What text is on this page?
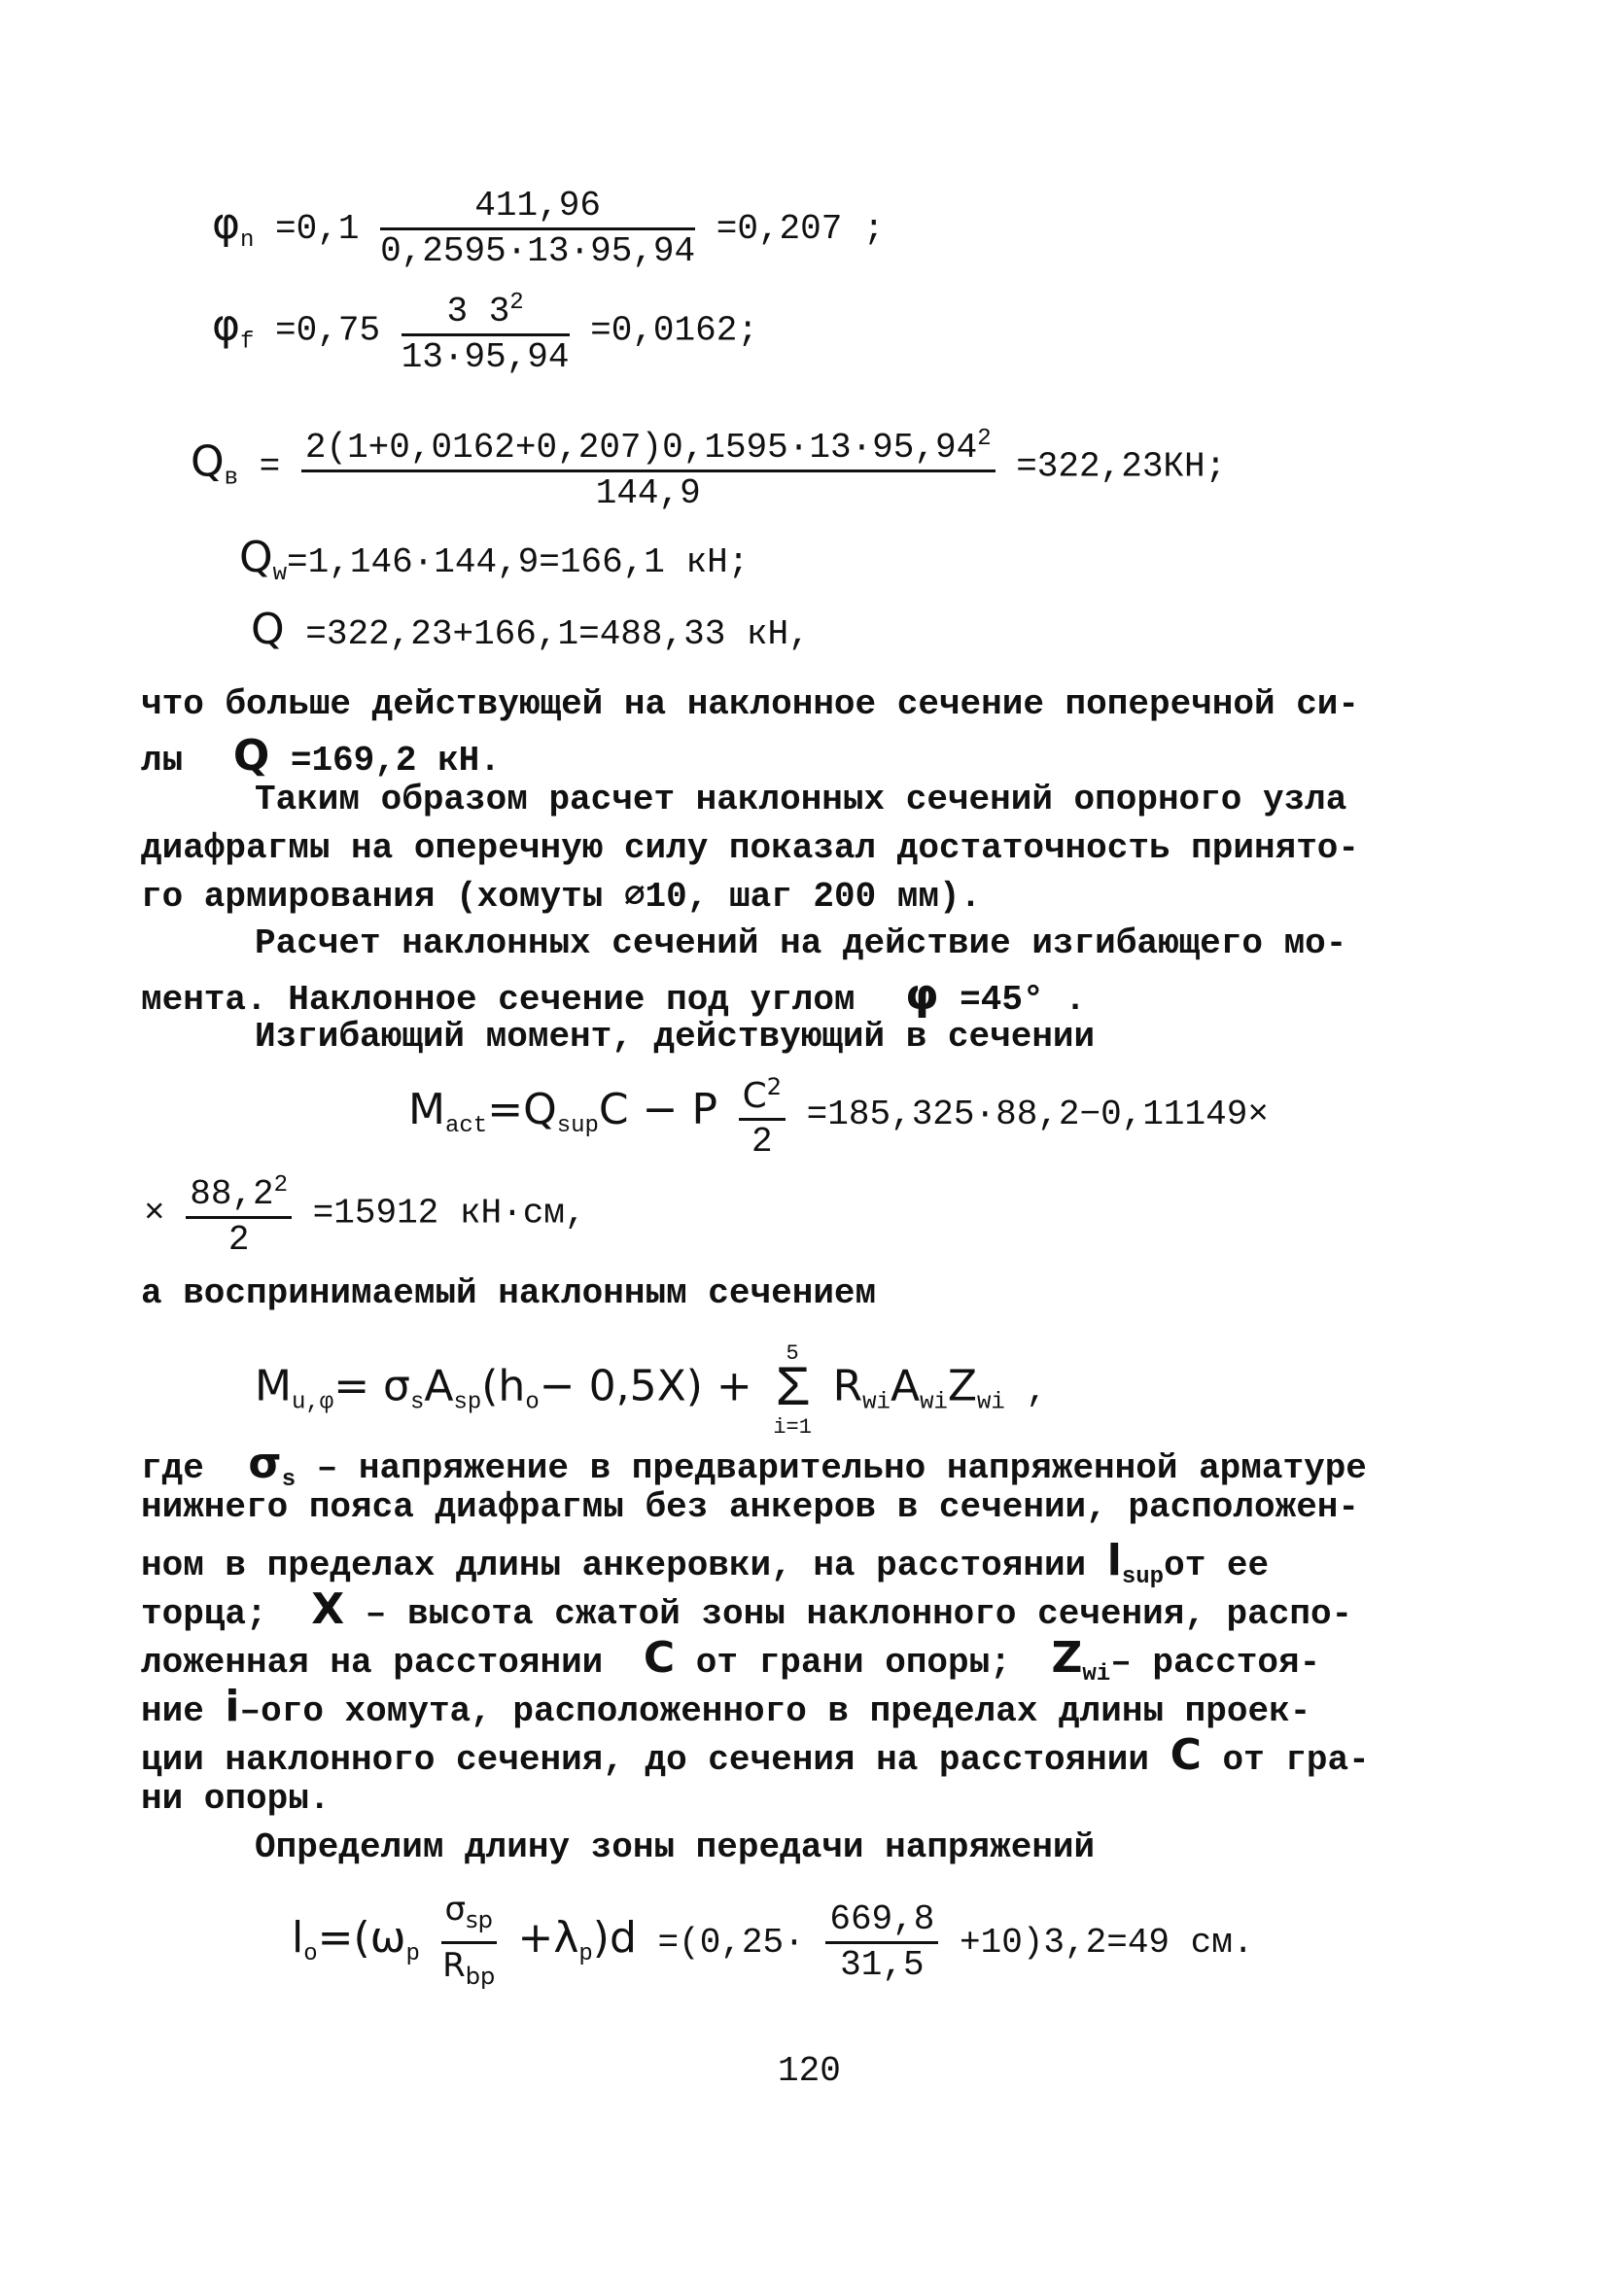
$\varphi_n =0,1 \frac{411,96}{0,2595\cdot 13\cdot 95,94} =0,207$ ;
$\varphi_f =0,75 \frac{3 3^2}{13\cdot 95,94} =0,0162$;
$Q_в = \frac{2(1+0,0162+0,207)0,1595\cdot 13\cdot 95,94^2}{144,9} =322,23КН$;
$Q_w=1,146\cdot 144,9=166,1$ кН;
Q =322,23+166,1=488,33 кН,
что больше действующей на наклонное сечение поперечной си-
лы Q =169,2 кН.
Таким образом расчет наклонных сечений опорного узла
диафрагмы на оперечную силу показал достаточность принято-
го армирования (хомуты ∅10, шаг 200 мм).
Расчет наклонных сечений на действие изгибающего мо-
мента. Наклонное сечение под углом φ =45° .
Изгибающий момент, действующий в сечении
$M_{act}=Q_{sup}C - P \frac{C^2}{2} =185,325\cdot 88,2-0,11149\times$
× $\frac{88,2^2}{2} =15912$ кН·см,
а воспринимаемый наклонным сечением
$M_{u,\varphi}= \sigma_sA_{sp}(h_o- 0,5X)$ +
5
Σ
i=1
$R_{wi}A_{wi}Z_{wi}$ ,
где $\sigma_s$ – напряжение в предварительно напряженной арматуре
нижнего пояса диафрагмы без анкеров в сечении, расположен-
ном в пределах длины анкеровки, на расстоянии $l_{sup}от$ ее
торца; X – высота сжатой зоны наклонного сечения, распо-
ложенная на расстоянии C от грани опоры; $Z_{wi}-$ расстоя-
ние i–ого хомута, расположенного в пределах длины проек-
ции наклонного сечения, до сечения на расстоянии C от гра-
ни опоры.
Определим длину зоны передачи напряжений
$l_o=(\omega_p \frac{\sigma_{sp}}{R_{bp}} +\lambda_p)d =(0,25\cdot \frac{669,8}{31,5} +10)3,2=49$ см.
120
